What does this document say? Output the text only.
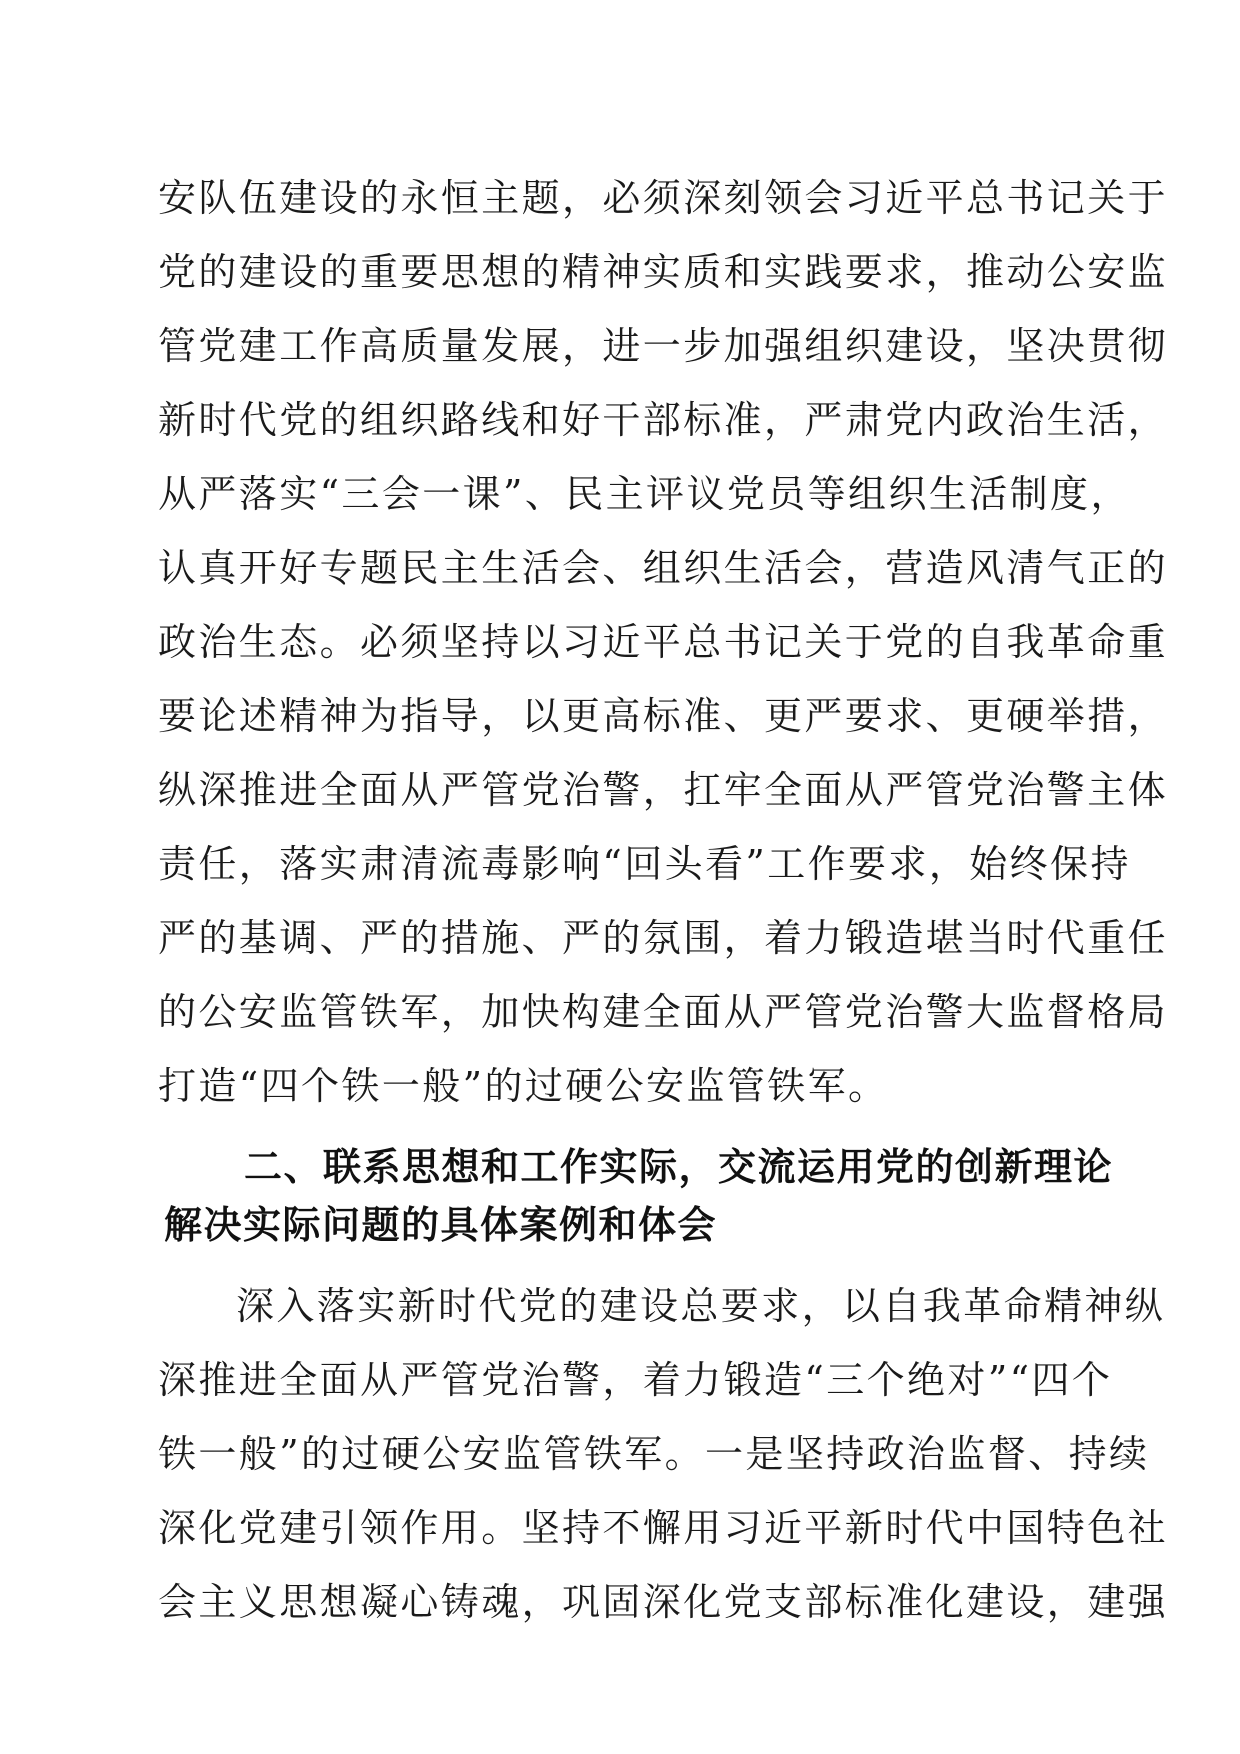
安队伍建设的永恒主题，必须深刻领会习近平总书记关于
党的建设的重要思想的精神实质和实践要求，推动公安监
管党建工作高质量发展，进一步加强组织建设，坚决贯彻
新时代党的组织路线和好干部标准，严肃党内政治生活，
从严落实“三会一课”、民主评议党员等组织生活制度，
认真开好专题民主生活会、组织生活会，营造风清气正的
政治生态。必须坚持以习近平总书记关于党的自我革命重
要论述精神为指导，以更高标准、更严要求、更硬举措，
纵深推进全面从严管党治警，扛牢全面从严管党治警主体
责任，落实肃清流毒影响“回头看”工作要求，始终保持
严的基调、严的措施、严的氛围，着力锻造堪当时代重任
的公安监管铁军，加快构建全面从严管党治警大监督格局
打造“四个铁一般”的过硬公安监管铁军。
二、联系思想和工作实际，交流运用党的创新理论
解决实际问题的具体案例和体会
深入落实新时代党的建设总要求，以自我革命精神纵
深推进全面从严管党治警，着力锻造“三个绝对”“四个
铁一般”的过硬公安监管铁军。一是坚持政治监督、持续
深化党建引领作用。坚持不懈用习近平新时代中国特色社
会主义思想凝心铸魂，巩固深化党支部标准化建设，建强
